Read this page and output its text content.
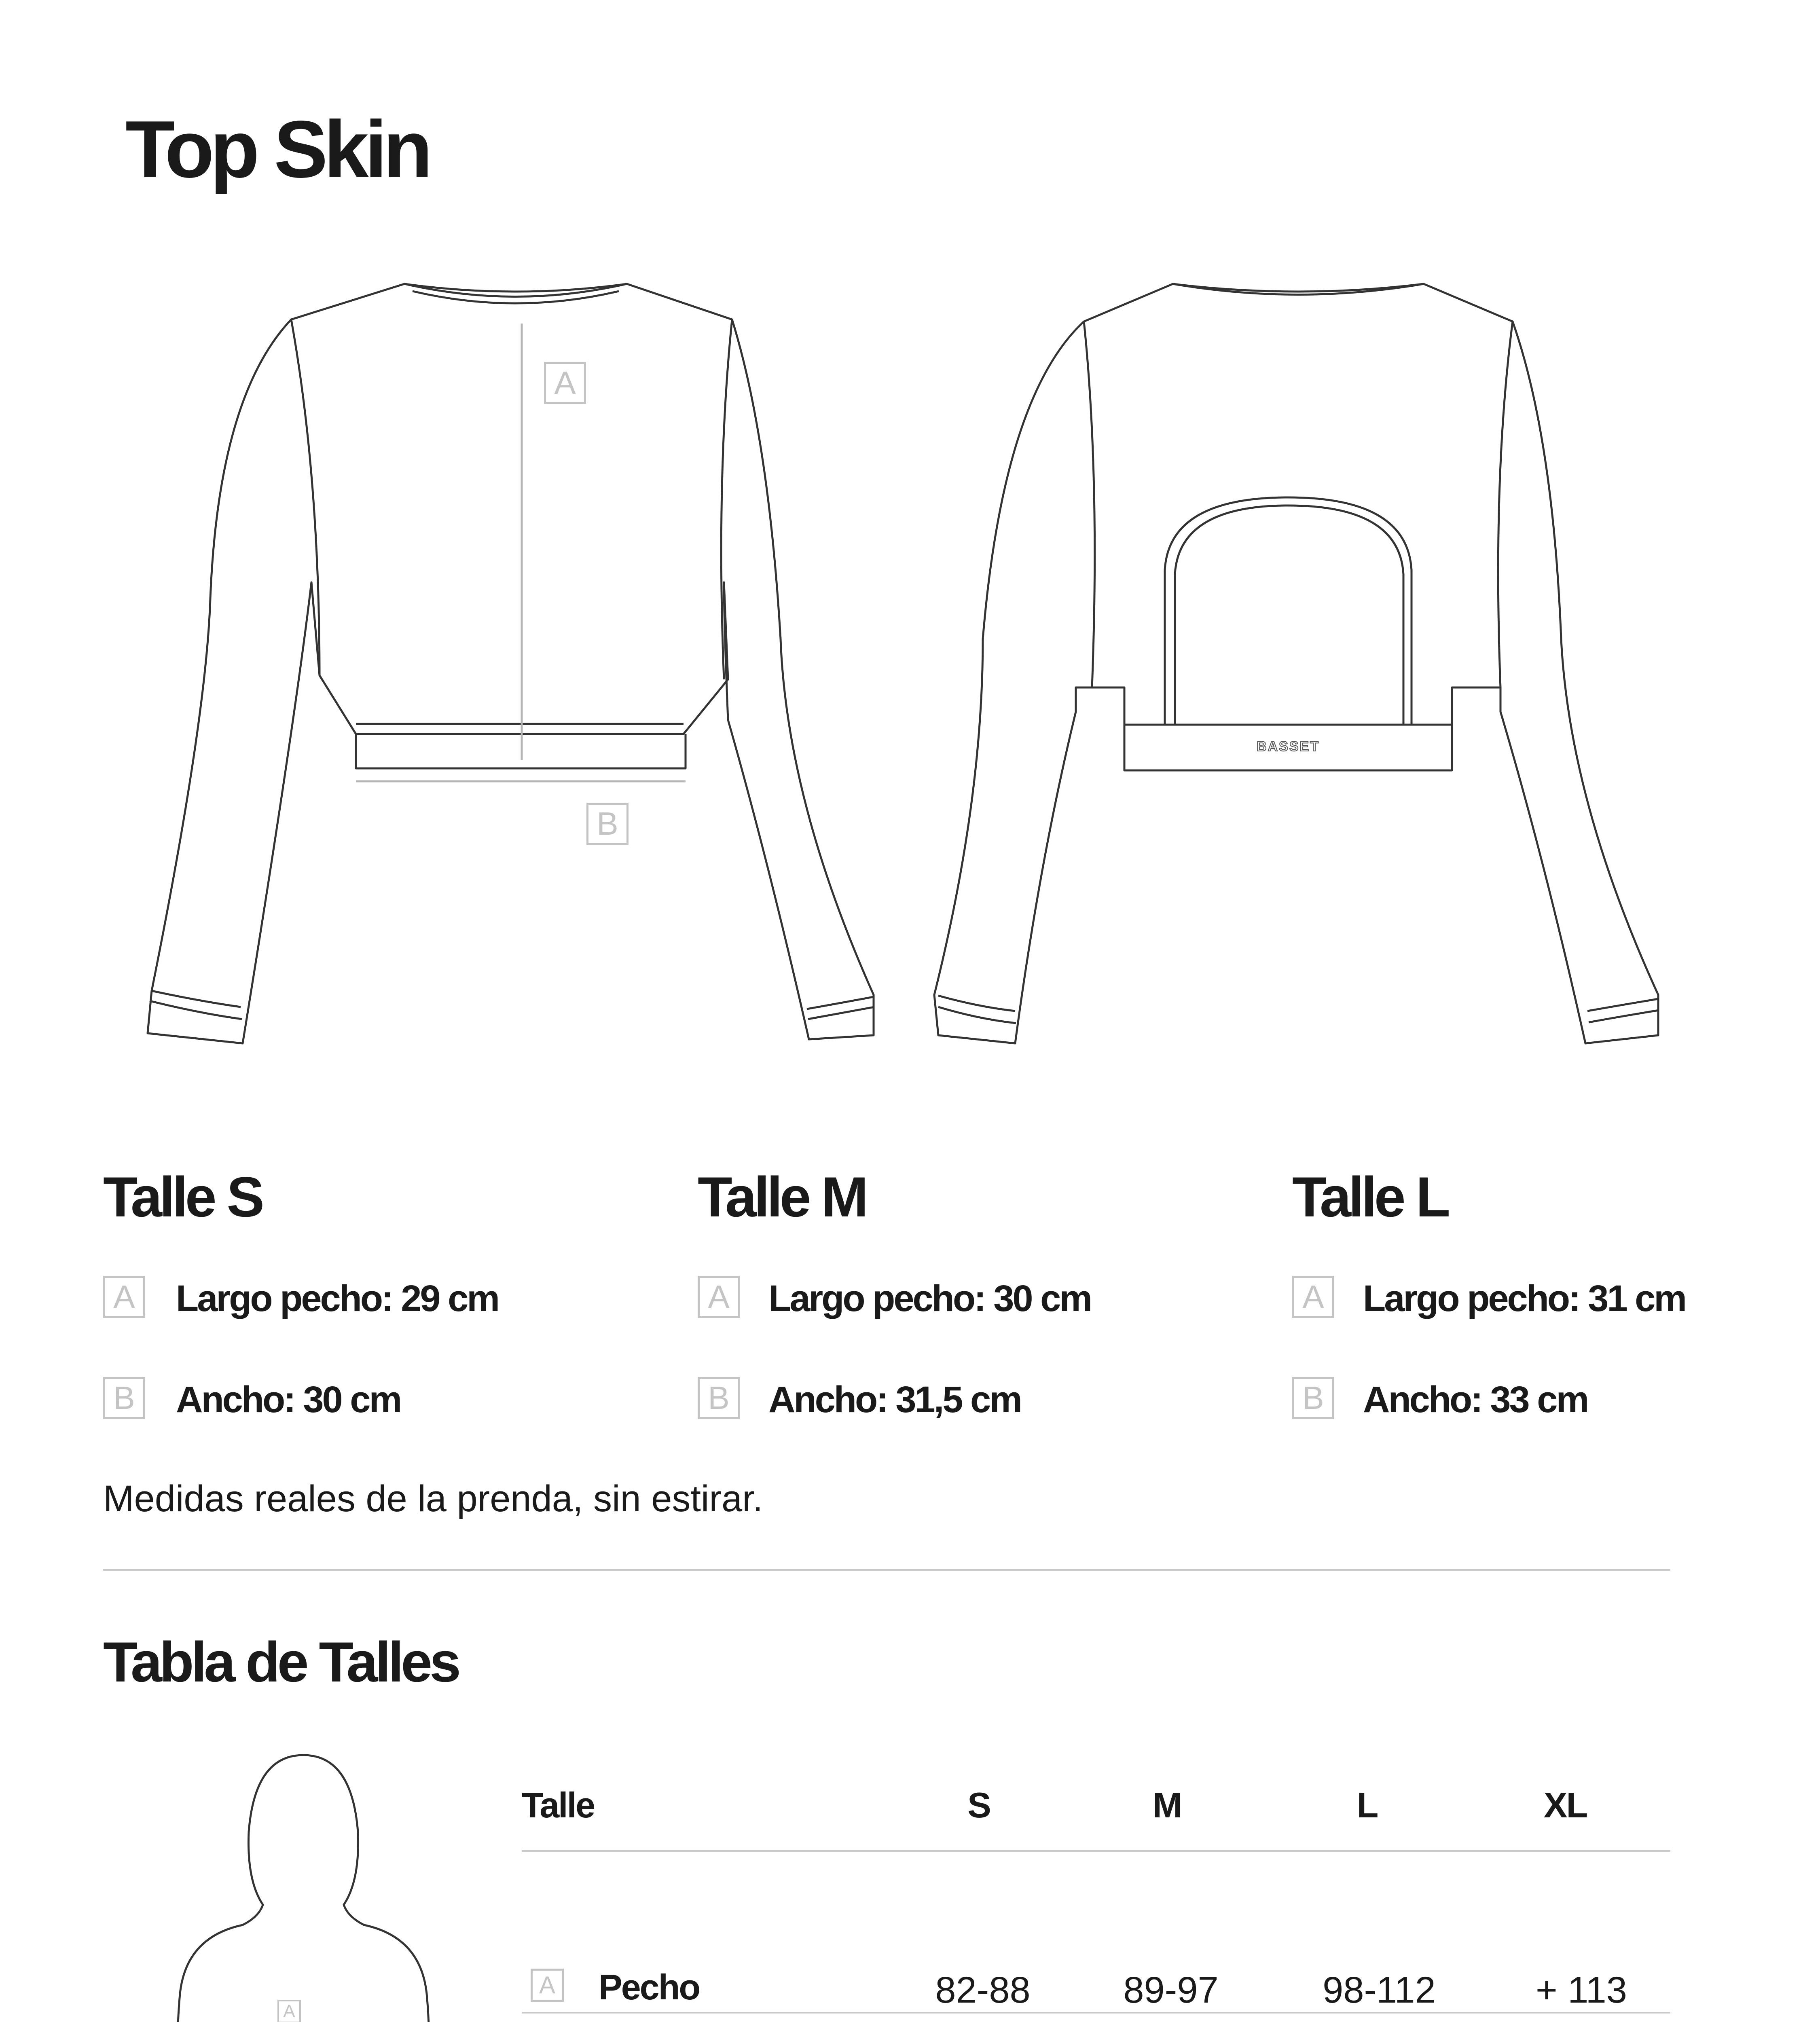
Top Skin
A
B
BASSET
Talle S
A Largo pecho: 29 cm
B Ancho: 30 cm
Talle M
A Largo pecho: 30 cm
B Ancho: 31,5 cm
Talle L
A Largo pecho: 31 cm
B Ancho: 33 cm
Medidas reales de la prenda, sin estirar.
Tabla de Talles
A
Talle	S	M	L	XL
A Pecho	82-88	89-97	98-112	+ 113
